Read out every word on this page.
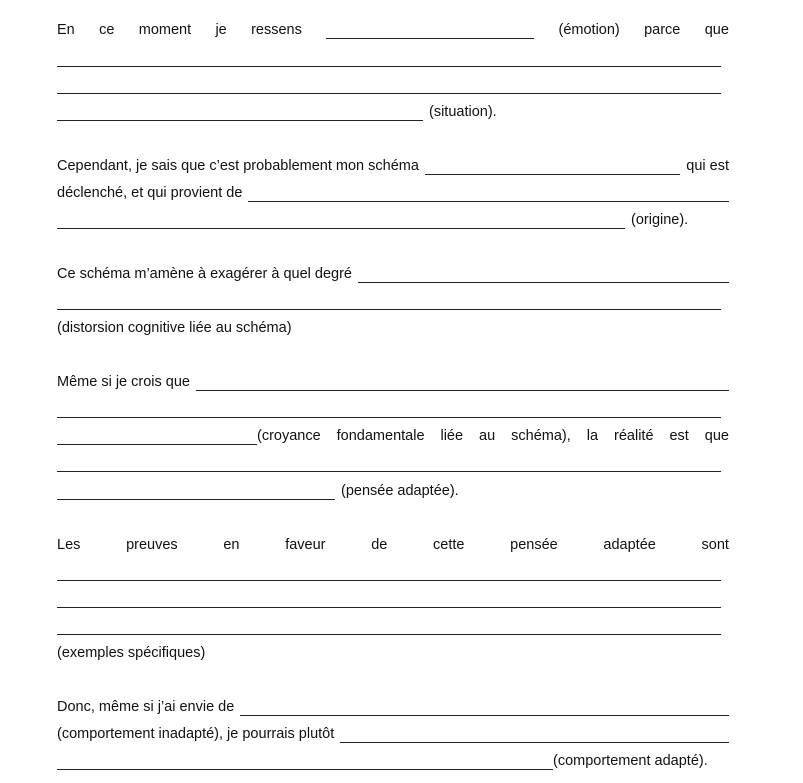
En ce moment je ressens	(émotion) parce que
(situation).
Cependant, je sais que c’est probablement mon schéma	qui est
déclenché, et qui provient de
(origine).
Ce schéma m’amène à exagérer à quel degré
(distorsion cognitive liée au schéma)
Même si je crois que
(croyance fondamentale liée au schéma), la réalité est que
(pensée adaptée).
Les	preuves	en	faveur	de	cette	pensée	adaptée	sont
(exemples spécifiques)
Donc, même si j’ai envie de
(comportement inadapté), je pourrais plutôt
(comportement adapté).
